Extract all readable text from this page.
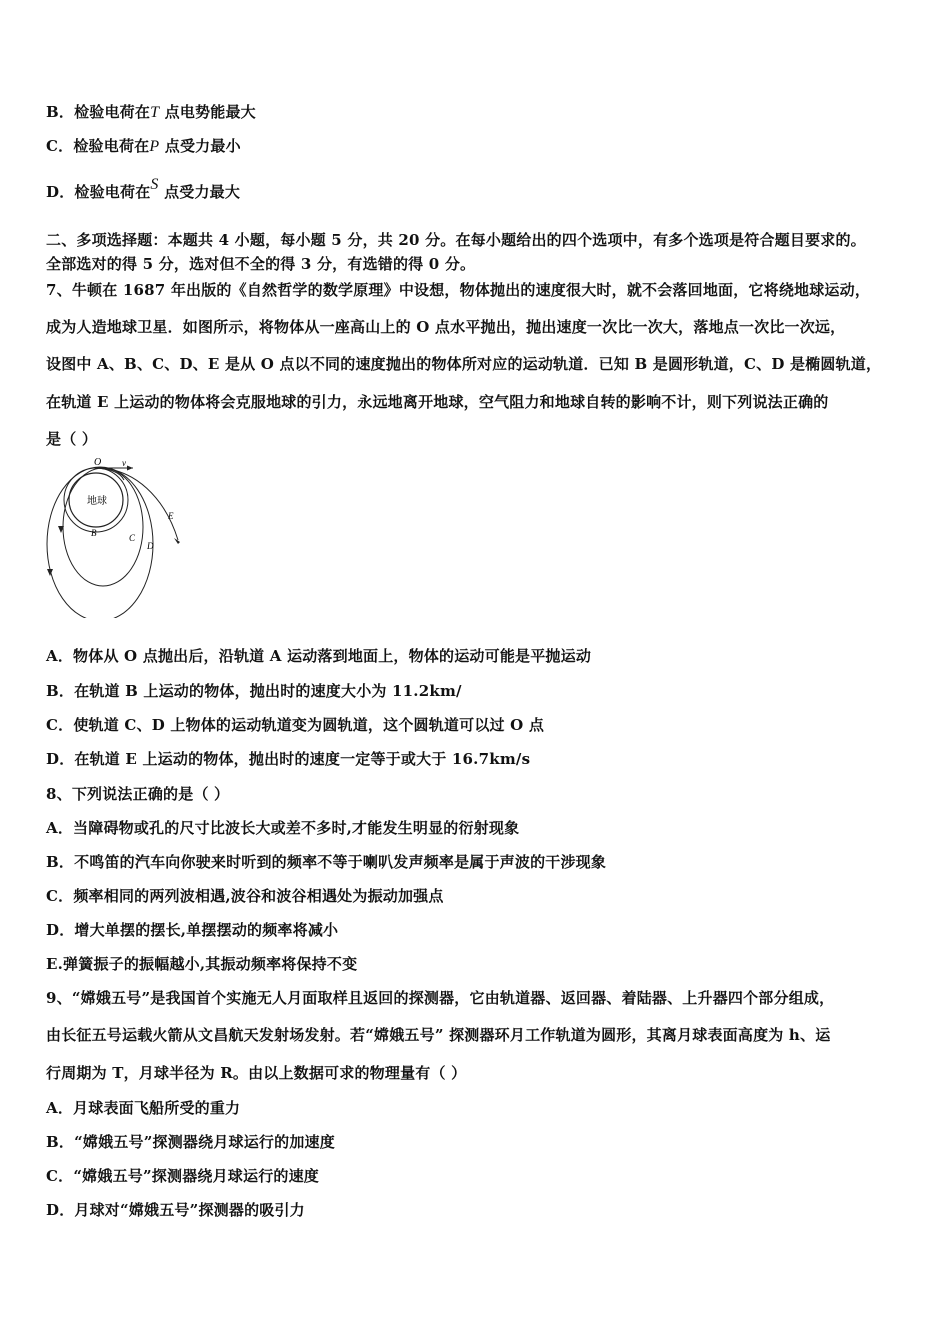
B．检验电荷在T 点电势能最大
C．检验电荷在P 点受力最小
D．检验电荷在S 点受力最大
二、多项选择题：本题共 4 小题，每小题 5 分，共 20 分。在每小题给出的四个选项中，有多个选项是符合题目要求的。
全部选对的得 5 分，选对但不全的得 3 分，有选错的得 0 分。
7、牛顿在 1687 年出版的《自然哲学的数学原理》中设想，物体抛出的速度很大时，就不会落回地面，它将绕地球运动，
成为人造地球卫星．如图所示，将物体从一座高山上的 O 点水平抛出，抛出速度一次比一次大，落地点一次比一次远，
设图中 A、B、C、D、E 是从 O 点以不同的速度抛出的物体所对应的运动轨道．已知 B 是圆形轨道，C、D 是椭圆轨道，
在轨道 E 上运动的物体将会克服地球的引力，永远地离开地球，空气阻力和地球自转的影响不计，则下列说法正确的
是（ ）
地球
O v
B	C
D
E
A．物体从 O 点抛出后，沿轨道 A 运动落到地面上，物体的运动可能是平抛运动
B．在轨道 B 上运动的物体，抛出时的速度大小为 11.2km/
C．使轨道 C、D 上物体的运动轨道变为圆轨道，这个圆轨道可以过 O 点
D．在轨道 E 上运动的物体，抛出时的速度一定等于或大于 16.7km/s
8、下列说法正确的是（ ）
A．当障碍物或孔的尺寸比波长大或差不多时,才能发生明显的衍射现象
B．不鸣笛的汽车向你驶来时听到的频率不等于喇叭发声频率是属于声波的干涉现象
C．频率相同的两列波相遇,波谷和波谷相遇处为振动加强点
D．增大单摆的摆长,单摆摆动的频率将减小
E.弹簧振子的振幅越小,其振动频率将保持不变
9、“嫦娥五号”是我国首个实施无人月面取样且返回的探测器，它由轨道器、返回器、着陆器、上升器四个部分组成，
由长征五号运载火箭从文昌航天发射场发射。若“嫦娥五号” 探测器环月工作轨道为圆形，其离月球表面高度为 h、运
行周期为 T，月球半径为 R。由以上数据可求的物理量有（ ）
A．月球表面飞船所受的重力
B．“嫦娥五号”探测器绕月球运行的加速度
C．“嫦娥五号”探测器绕月球运行的速度
D．月球对“嫦娥五号”探测器的吸引力
